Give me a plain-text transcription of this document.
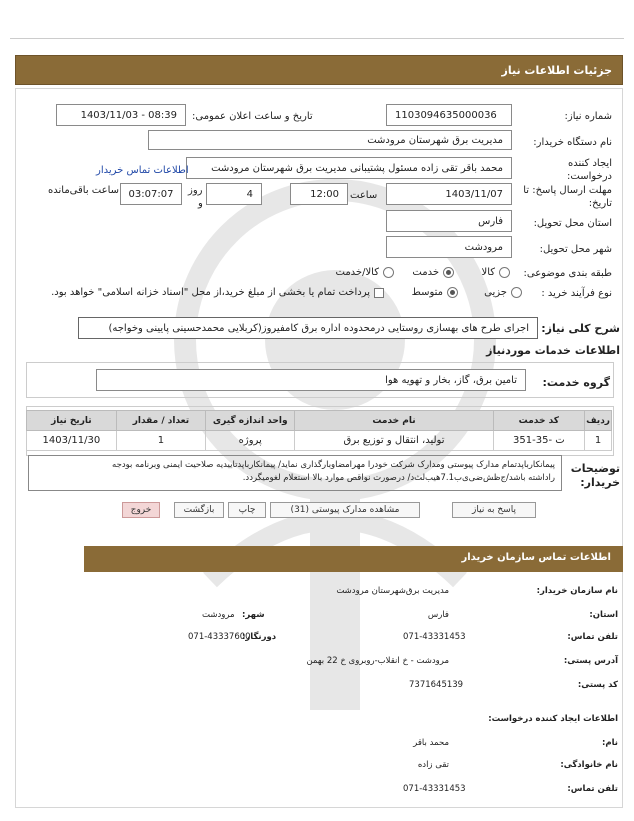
جزئیات اطلاعات نیاز
شماره نیاز:
1103094635000036
تاریخ و ساعت اعلان عمومی:
1403/11/03 - 08:39
نام دستگاه خریدار:
مدیریت برق شهرستان مرودشت
ایجاد کننده
درخواست:
محمد باقر تقی زاده مسئول پشتیبانی مدیریت برق شهرستان مرودشت
اطلاعات تماس خریدار
مهلت ارسال پاسخ: تا
تاریخ:
1403/11/07
ساعت
12:00
4
روز
و
03:07:07
ساعت باقی‌مانده
استان محل تحویل:
فارس
شهر محل تحویل:
مرودشت
طبقه بندی موضوعی:
کالا
خدمت
کالا/خدمت
نوع فرآیند خرید :
جزیی
متوسط
پرداخت تمام یا بخشی از مبلغ خرید،از محل "اسناد خزانه اسلامی" خواهد بود.
شرح کلی نیاز:
اجرای طرح های بهسازی روستایی درمحدوده اداره برق کامفیروز(کربلایی محمدحسینی پایینی وخواجه)
اطلاعات خدمات موردنیاز
گروه خدمت:
تامین برق، گاز، بخار و تهویه هوا
ردیف	کد خدمت	نام خدمت	واحد اندازه گیری	تعداد / مقدار	تاریخ نیاز
1	ت -35-351	تولید، انتقال و توزیع برق	پروژه	1	1403/11/30
توضیحات
خریدار:
پیمانکارباپدتمام مدارک پیوستی ومدارک شرکت خودرا مهرامضاوبارگذاری نماید/ پیمانکارباپدتاییدیه صلاحیت ایمنی وبرنامه بودجه
راداشته باشد/ج‌ظش‌ضی‌ی‌ب7.1هیب‌لث‌د/ درصورت نواقص موارد بالا استعلام لغومیگردد.
پاسخ به نیاز
مشاهده مدارک پیوستی (31)
چاپ
بازگشت
خروج
اطلاعات تماس سازمان خریدار
نام سازمان خریدار:
مدیریت برق‌شهرستان مرودشت
استان:
فارس
شهر:
مرودشت
تلفن تماس:
071-43331453
دورنگار:
071-43337600
آدرس پستی:
مرودشت - خ انقلاب-روبروی خ 22 بهمن
کد پستی:
7371645139
اطلاعات ایجاد کننده درخواست:
نام:
محمد باقر
نام خانوادگی:
تقی زاده
تلفن تماس:
071-43331453
